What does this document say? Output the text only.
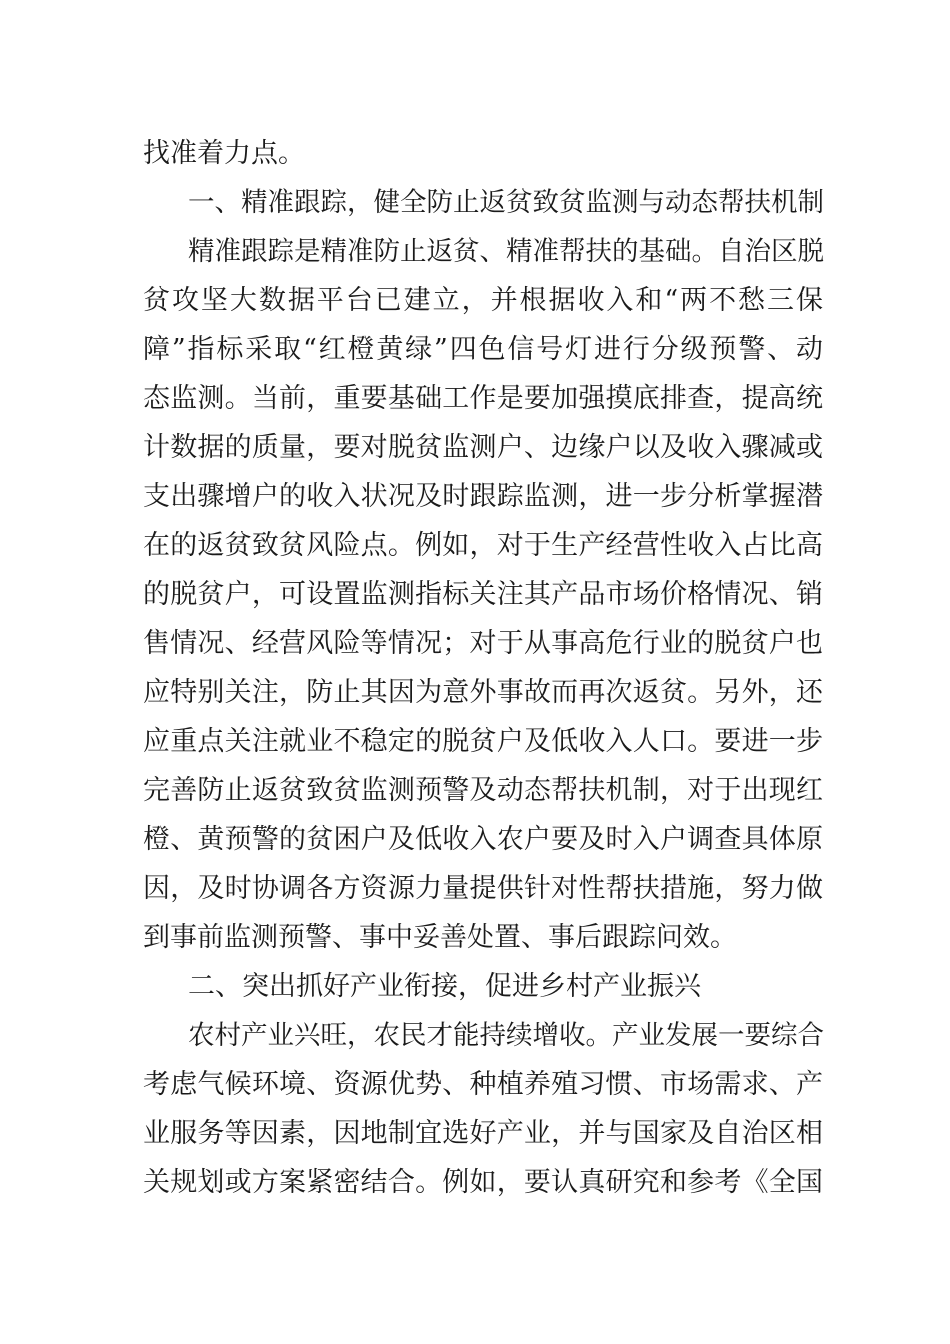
找准着力点。
一、精准跟踪，健全防止返贫致贫监测与动态帮扶机制
精准跟踪是精准防止返贫、精准帮扶的基础。自治区脱
贫攻坚大数据平台已建立，并根据收入和“两不愁三保
障”指标采取“红橙黄绿”四色信号灯进行分级预警、动
态监测。当前，重要基础工作是要加强摸底排查，提高统
计数据的质量，要对脱贫监测户、边缘户以及收入骤减或
支出骤增户的收入状况及时跟踪监测，进一步分析掌握潜
在的返贫致贫风险点。例如，对于生产经营性收入占比高
的脱贫户，可设置监测指标关注其产品市场价格情况、销
售情况、经营风险等情况；对于从事高危行业的脱贫户也
应特别关注，防止其因为意外事故而再次返贫。另外，还
应重点关注就业不稳定的脱贫户及低收入人口。要进一步
完善防止返贫致贫监测预警及动态帮扶机制，对于出现红
橙、黄预警的贫困户及低收入农户要及时入户调查具体原
因，及时协调各方资源力量提供针对性帮扶措施，努力做
到事前监测预警、事中妥善处置、事后跟踪问效。
二、突出抓好产业衔接，促进乡村产业振兴
农村产业兴旺，农民才能持续增收。产业发展一要综合
考虑气候环境、资源优势、种植养殖习惯、市场需求、产
业服务等因素，因地制宜选好产业，并与国家及自治区相
关规划或方案紧密结合。例如，要认真研究和参考《全国
